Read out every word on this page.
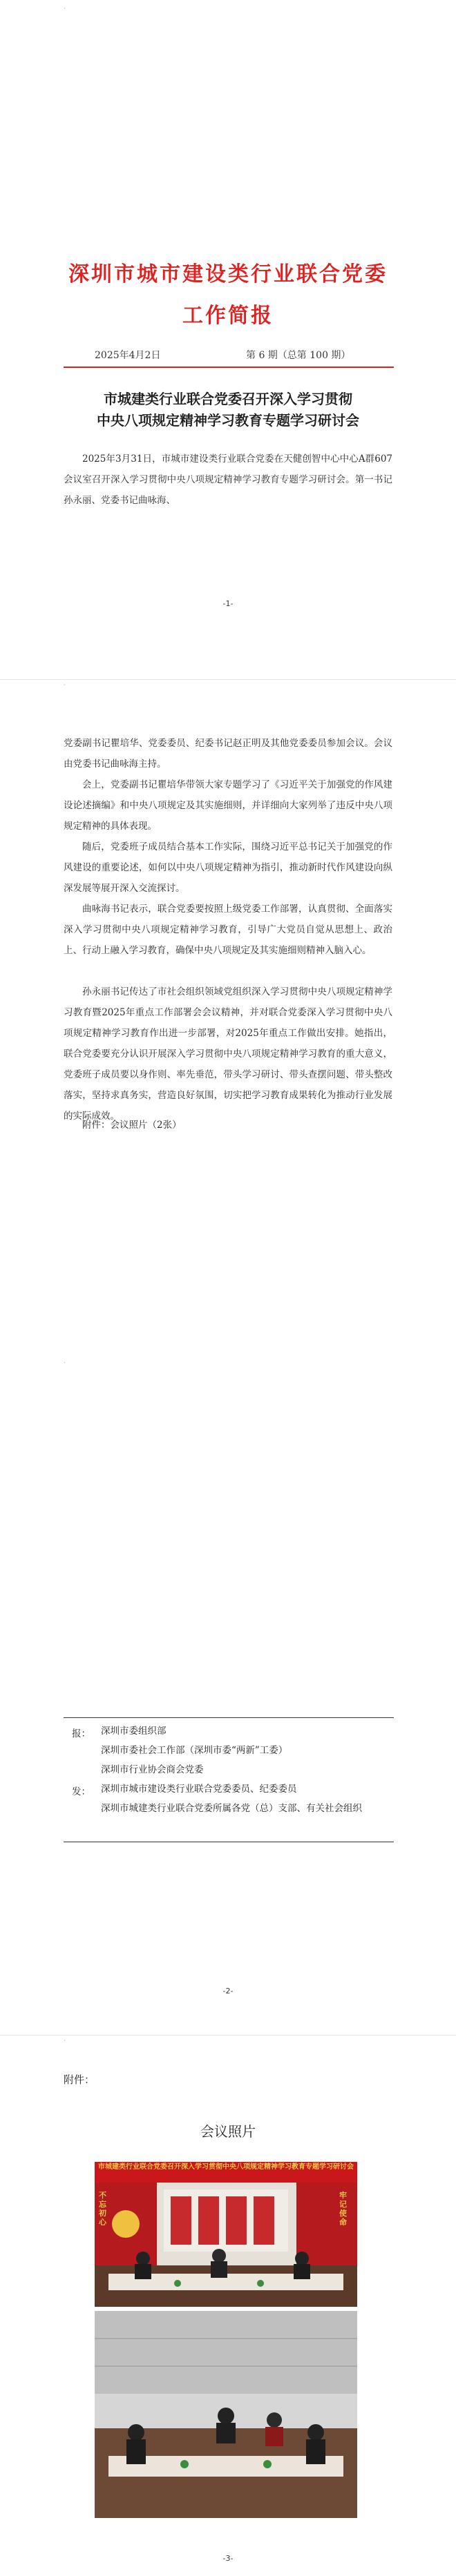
·
·
·
·
深圳市城市建设类行业联合党委
工作简报
2025年4月2日	第 6 期（总第 100 期）
市城建类行业联合党委召开深入学习贯彻
中央八项规定精神学习教育专题学习研讨会

2025年3月31日，市城市建设类行业联合党委在天健创智中心中心A群607会议室召开深入学习贯彻中央八项规定精神学习教育专题学习研讨会。第一书记孙永丽、党委书记曲咏海、

-1-

党委副书记瞿培华、党委委员、纪委书记赵正明及其他党委委员参加会议。会议由党委书记曲咏海主持。

会上，党委副书记瞿培华带领大家专题学习了《习近平关于加强党的作风建设论述摘编》和中央八项规定及其实施细则，并详细向大家列举了违反中央八项规定精神的具体表现。

随后，党委班子成员结合基本工作实际，围绕习近平总书记关于加强党的作风建设的重要论述，如何以中央八项规定精神为指引，推动新时代作风建设向纵深发展等展开深入交流探讨。

曲咏海书记表示，联合党委要按照上级党委工作部署，认真贯彻、全面落实深入学习贯彻中央八项规定精神学习教育，引导广大党员自觉从思想上、政治上、行动上融入学习教育，确保中央八项规定及其实施细则精神入脑入心。

孙永丽书记传达了市社会组织领域党组织深入学习贯彻中央八项规定精神学习教育暨2025年重点工作部署会会议精神，并对联合党委深入学习贯彻中央八项规定精神学习教育作出进一步部署，对2025年重点工作做出安排。她指出，联合党委要充分认识开展深入学习贯彻中央八项规定精神学习教育的重大意义，党委班子成员要以身作则、率先垂范，带头学习研讨、带头查摆问题、带头整改落实，坚持求真务实，营造良好氛围，切实把学习教育成果转化为推动行业发展的实际成效。

附件：会议照片（2张）
报： 深圳市委组织部
深圳市委社会工作部（深圳市委“两新”工委）
深圳市行业协会商会党委
发： 深圳市城市建设类行业联合党委委员、纪委委员
深圳市城建类行业联合党委所属各党（总）支部、有关社会组织
-2-
附件：
会议照片
市城建类行业联合党委召开深入学习贯彻中央八项规定精神学习教育专题学习研讨会
不忘初心
牢记使命
-3-
